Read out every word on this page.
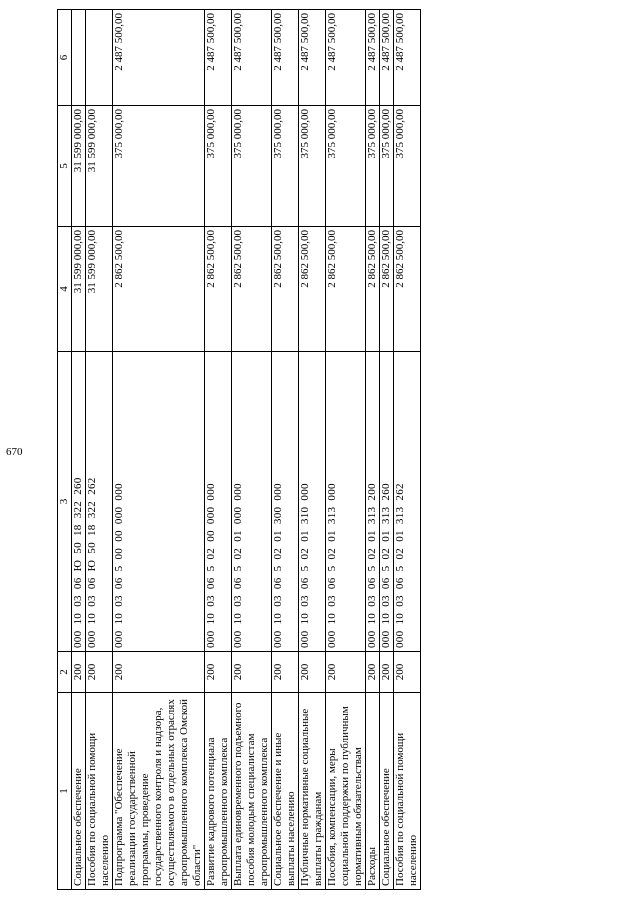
670
1	2	3	4	5	6
Социальное обеспечение	200	000  10  03  06  Ю  50  18  322  260	31 599 000,00	31 599 000,00	
Пособия по социальной помощи населению	200	000  10  03  06  Ю  50  18  322  262	31 599 000,00	31 599 000,00	
Подпрограмма "Обеспечение реализации государственной программы, проведение государственного контроля и надзора, осуществляемого в отдельных отраслях агропромышленного комплекса Омской области"	200	000  10  03  06  5  00  00  000  000	2 862 500,00	375 000,00	2 487 500,00
Развитие кадрового потенциала агропромышленного комплекса	200	000  10  03  06  5  02  00  000  000	2 862 500,00	375 000,00	2 487 500,00
Выплата единовременного подъемного пособия молодым специалистам агропромышленного комплекса	200	000  10  03  06  5  02  01  000  000	2 862 500,00	375 000,00	2 487 500,00
Социальное обеспечение и иные выплаты населению	200	000  10  03  06  5  02  01  300  000	2 862 500,00	375 000,00	2 487 500,00
Публичные нормативные социальные выплаты гражданам	200	000  10  03  06  5  02  01  310  000	2 862 500,00	375 000,00	2 487 500,00
Пособия, компенсации, меры социальной поддержки по публичным нормативным обязательствам	200	000  10  03  06  5  02  01  313  000	2 862 500,00	375 000,00	2 487 500,00
Расходы	200	000  10  03  06  5  02  01  313  200	2 862 500,00	375 000,00	2 487 500,00
Социальное обеспечение	200	000  10  03  06  5  02  01  313  260	2 862 500,00	375 000,00	2 487 500,00
Пособия по социальной помощи населению	200	000  10  03  06  5  02  01  313  262	2 862 500,00	375 000,00	2 487 500,00
